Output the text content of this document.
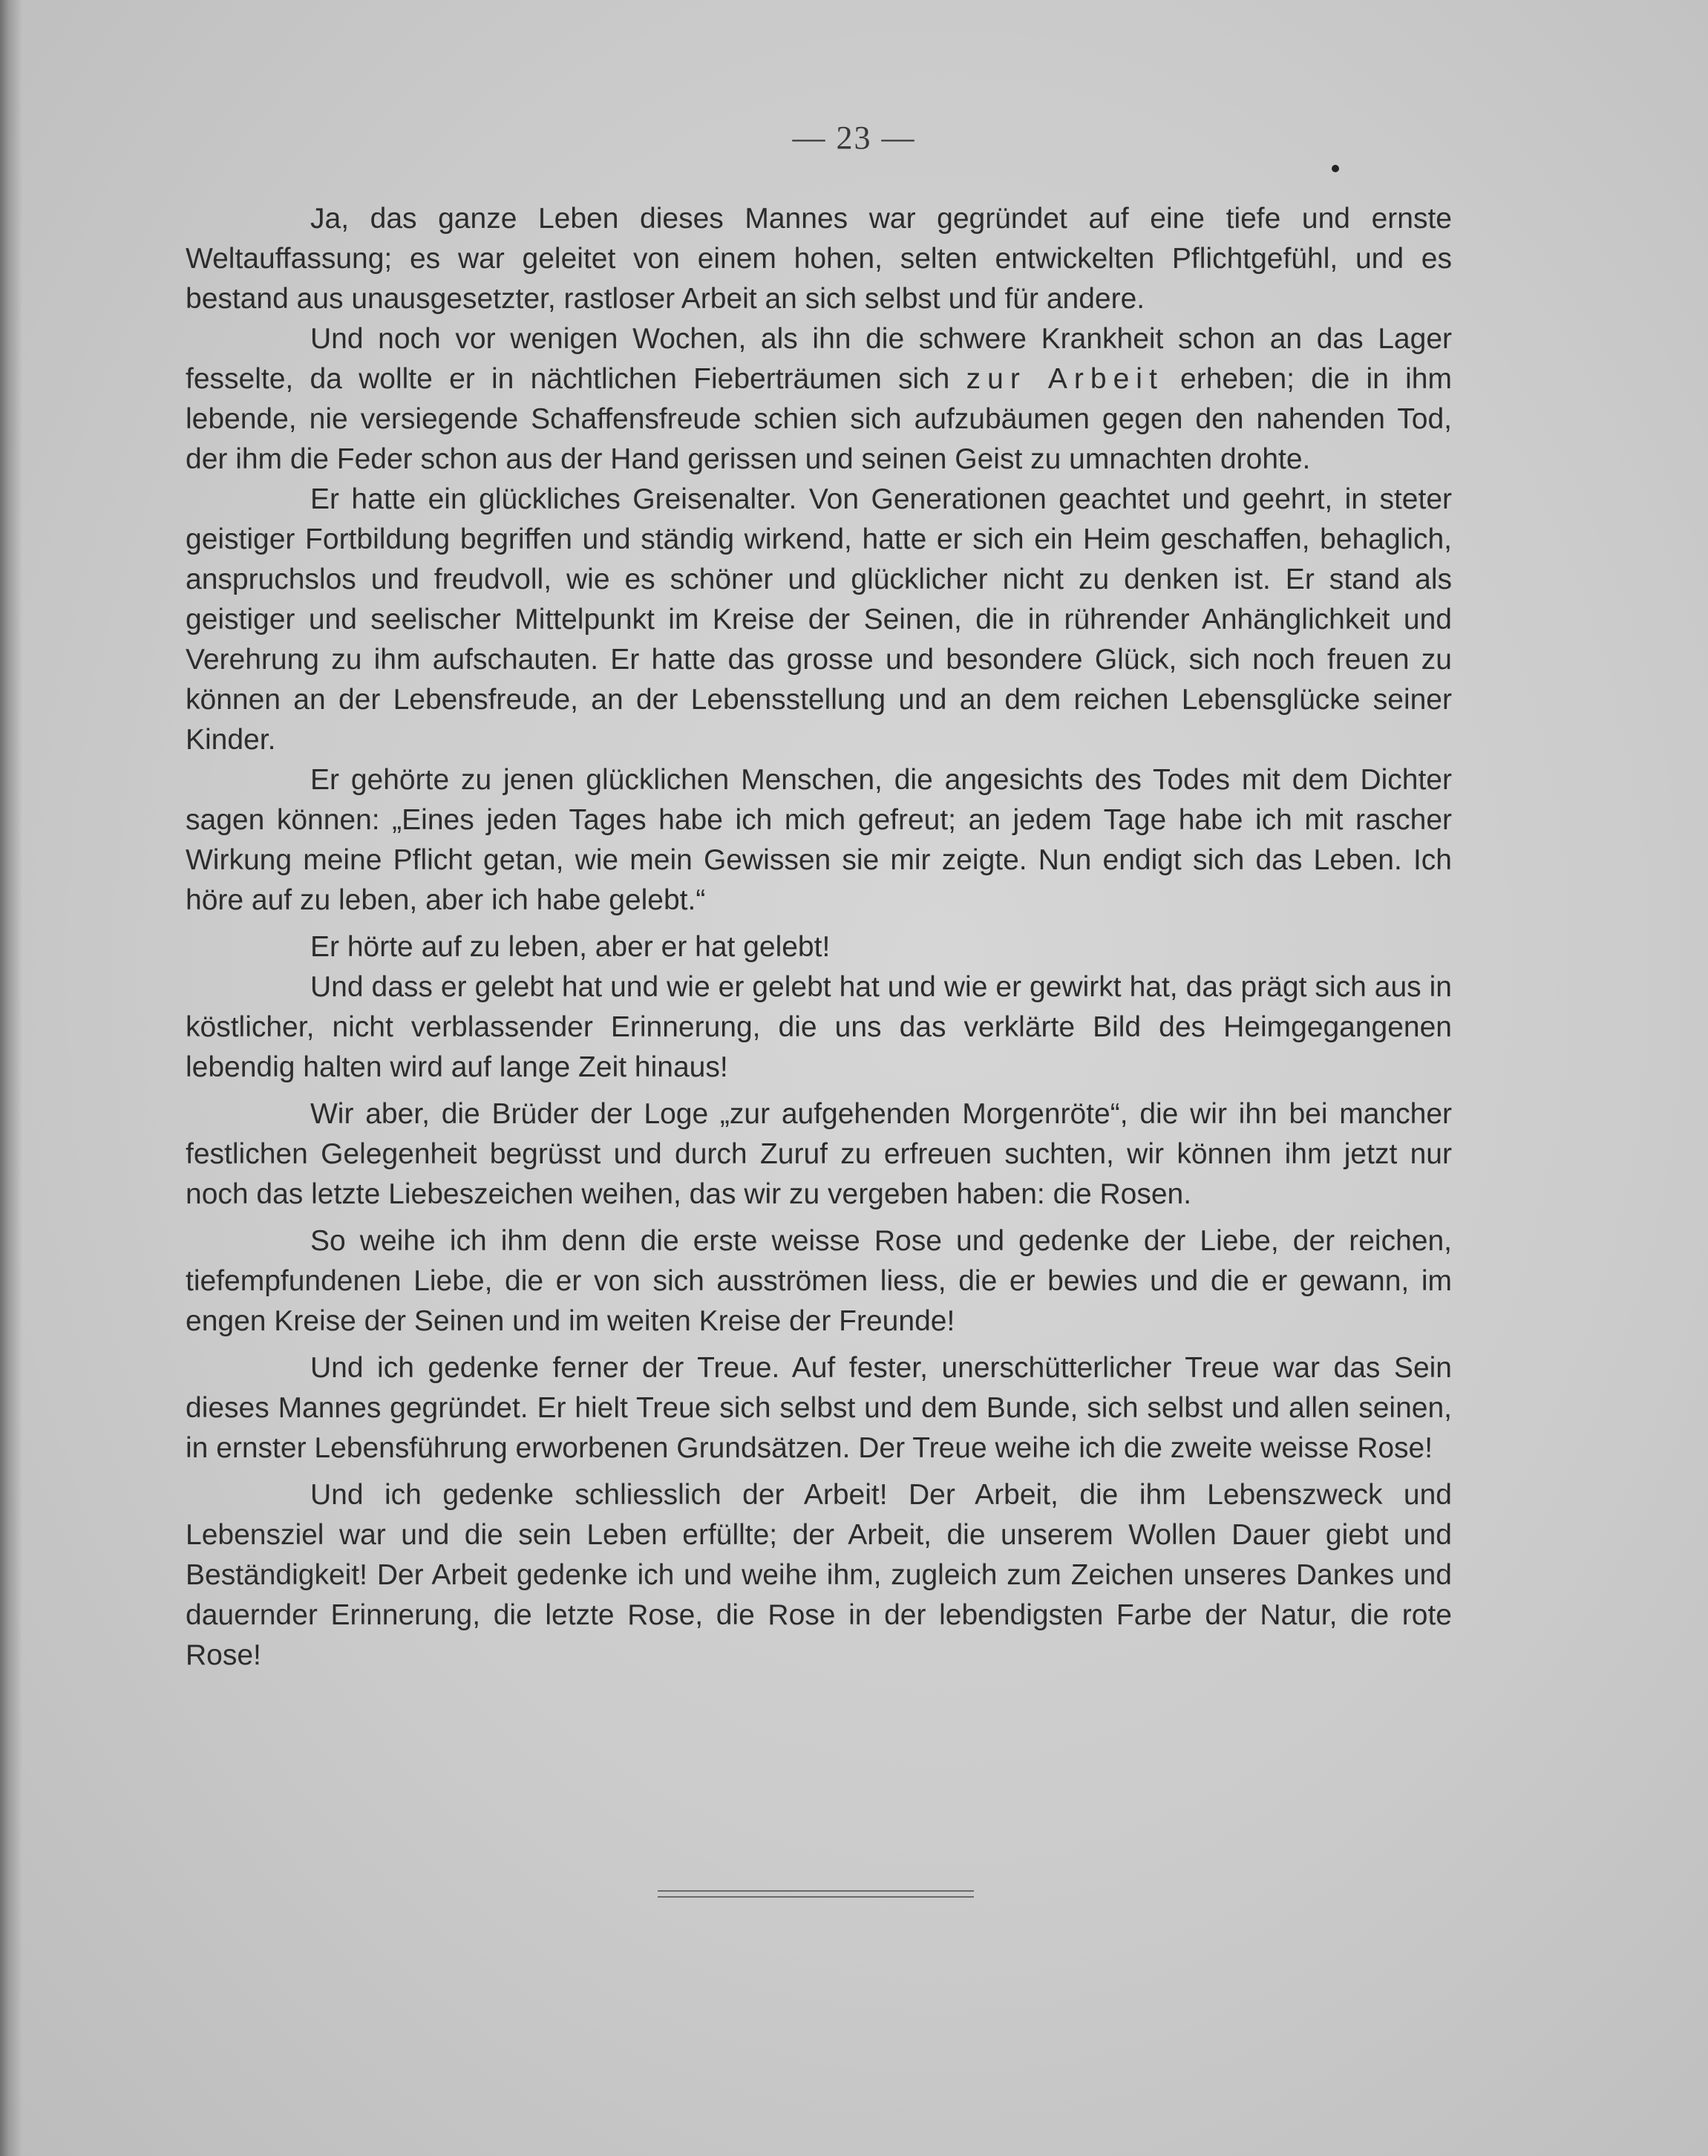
— 23 —

Ja, das ganze Leben dieses Mannes war gegründet auf eine tiefe und ernste Weltauffassung; es war geleitet von einem hohen, selten entwickelten Pflichtgefühl, und es bestand aus unausgesetzter, rastloser Arbeit an sich selbst und für andere.

Und noch vor wenigen Wochen, als ihn die schwere Krankheit schon an das Lager fesselte, da wollte er in nächtlichen Fieberträumen sich zur Arbeit erheben; die in ihm lebende, nie versiegende Schaffensfreude schien sich aufzubäumen gegen den nahenden Tod, der ihm die Feder schon aus der Hand gerissen und seinen Geist zu umnachten drohte.

Er hatte ein glückliches Greisenalter. Von Generationen geachtet und geehrt, in steter geistiger Fortbildung begriffen und ständig wirkend, hatte er sich ein Heim geschaffen, behaglich, anspruchslos und freudvoll, wie es schöner und glücklicher nicht zu denken ist. Er stand als geistiger und seelischer Mittelpunkt im Kreise der Seinen, die in rührender Anhänglichkeit und Verehrung zu ihm aufschauten. Er hatte das grosse und besondere Glück, sich noch freuen zu können an der Lebensfreude, an der Lebensstellung und an dem reichen Lebensglücke seiner Kinder.

Er gehörte zu jenen glücklichen Menschen, die angesichts des Todes mit dem Dichter sagen können: „Eines jeden Tages habe ich mich gefreut; an jedem Tage habe ich mit rascher Wirkung meine Pflicht getan, wie mein Gewissen sie mir zeigte. Nun endigt sich das Leben. Ich höre auf zu leben, aber ich habe gelebt.“

Er hörte auf zu leben, aber er hat gelebt!

Und dass er gelebt hat und wie er gelebt hat und wie er gewirkt hat, das prägt sich aus in köstlicher, nicht verblassender Erinnerung, die uns das verklärte Bild des Heimgegangenen lebendig halten wird auf lange Zeit hinaus!

Wir aber, die Brüder der Loge „zur aufgehenden Morgenröte“, die wir ihn bei mancher festlichen Gelegenheit begrüsst und durch Zuruf zu erfreuen suchten, wir können ihm jetzt nur noch das letzte Liebeszeichen weihen, das wir zu vergeben haben: die Rosen.

So weihe ich ihm denn die erste weisse Rose und gedenke der Liebe, der reichen, tiefempfundenen Liebe, die er von sich ausströmen liess, die er bewies und die er gewann, im engen Kreise der Seinen und im weiten Kreise der Freunde!

Und ich gedenke ferner der Treue. Auf fester, unerschütterlicher Treue war das Sein dieses Mannes gegründet. Er hielt Treue sich selbst und dem Bunde, sich selbst und allen seinen, in ernster Lebensführung erworbenen Grundsätzen. Der Treue weihe ich die zweite weisse Rose!

Und ich gedenke schliesslich der Arbeit! Der Arbeit, die ihm Lebenszweck und Lebensziel war und die sein Leben erfüllte; der Arbeit, die unserem Wollen Dauer giebt und Beständigkeit! Der Arbeit gedenke ich und weihe ihm, zugleich zum Zeichen unseres Dankes und dauernder Erinnerung, die letzte Rose, die Rose in der lebendigsten Farbe der Natur, die rote Rose!
